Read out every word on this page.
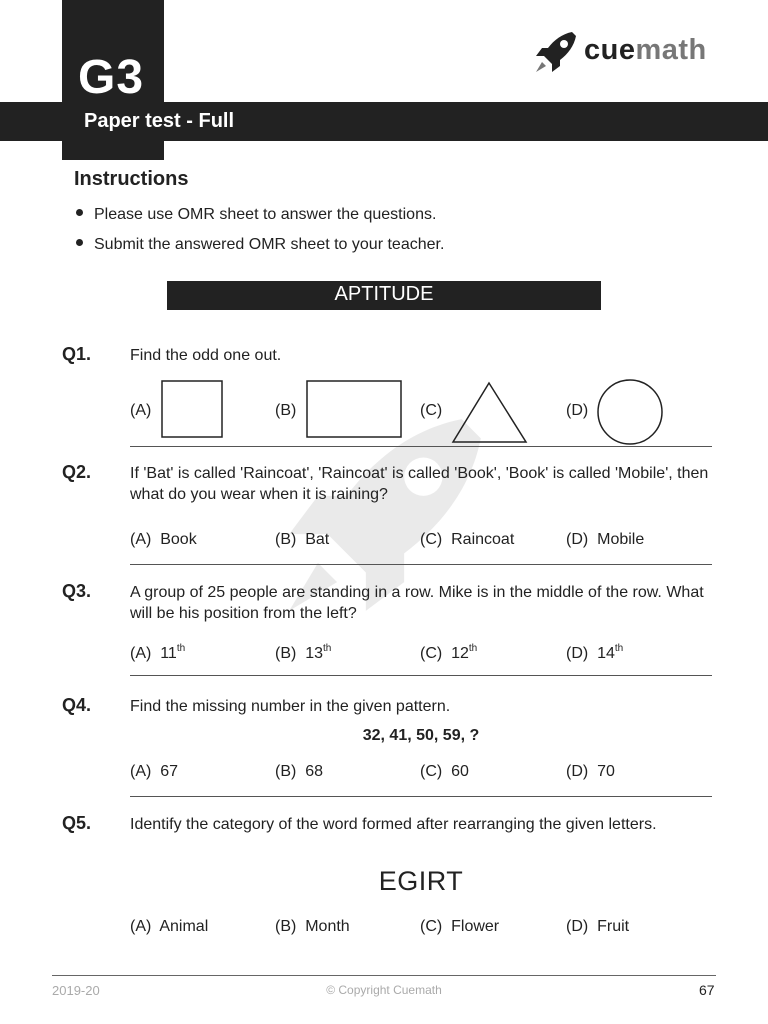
G3
Paper test - Full
cuemath
Instructions
Please use OMR sheet to answer the questions.
Submit the answered OMR sheet to your teacher.
APTITUDE
Q1. Find the odd one out.
(A)	(B)	(C)	(D)
Q2. If 'Bat' is called 'Raincoat', 'Raincoat' is called 'Book', 'Book' is called 'Mobile', then what do you wear when it is raining?
(A) Book	(B) Bat	(C) Raincoat	(D) Mobile
Q3. A group of 25 people are standing in a row. Mike is in the middle of the row. What will be his position from the left?
(A) 11th	(B) 13th	(C) 12th	(D) 14th
Q4. Find the missing number in the given pattern.
32, 41, 50, 59, ?
(A) 67	(B) 68	(C) 60	(D) 70
Q5. Identify the category of the word formed after rearranging the given letters.
EGIRT
(A) Animal	(B) Month	(C) Flower	(D) Fruit
2019-20	© Copyright Cuemath	67
